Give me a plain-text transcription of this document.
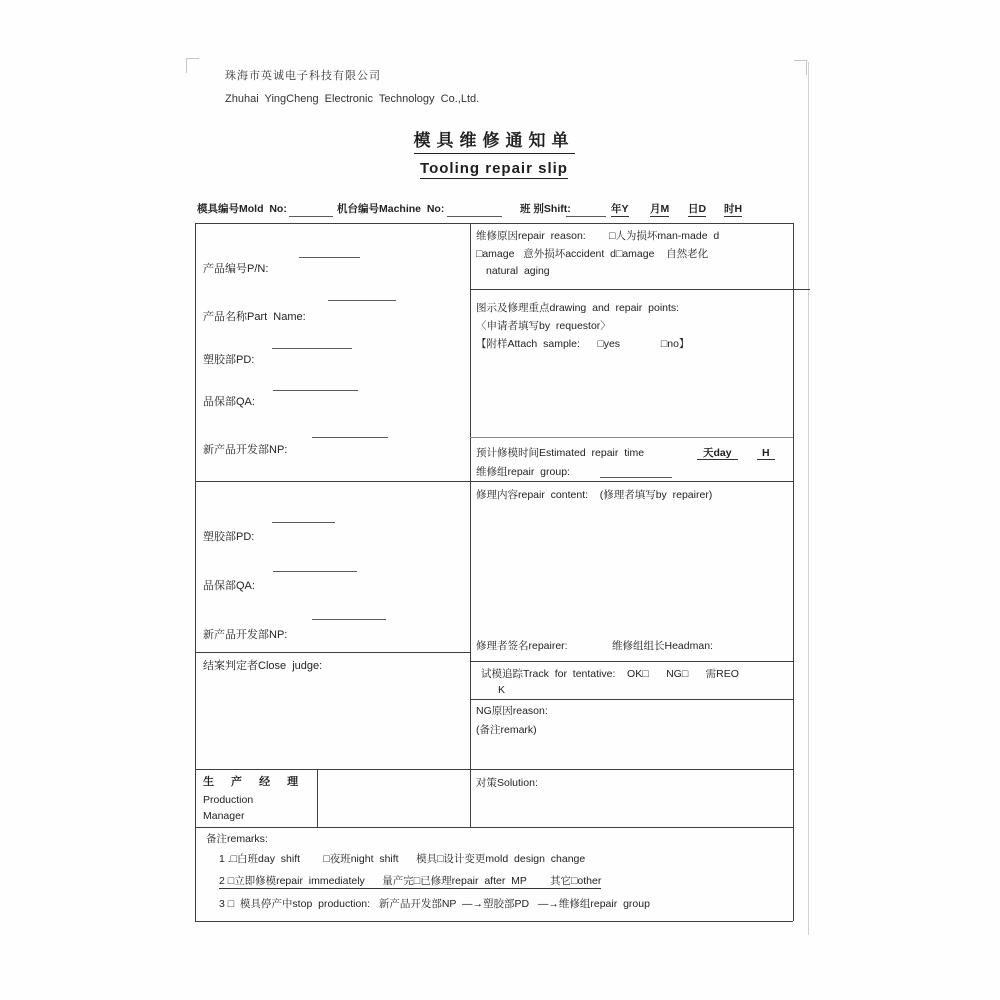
珠海市英诚电子科技有限公司
Zhuhai  YingCheng  Electronic  Technology  Co.,Ltd.
模具维修通知单
Tooling repair slip
模具编号Mold  No:	机台编号Machine  No:	班 别Shift:	年Y 月M 日D 时H
产品编号P/N:
产品名称Part  Name:
塑胶部PD:
品保部QA:
新产品开发部NP:
塑胶部PD:
品保部QA:
新产品开发部NP:
结案判定者Close  judge:
生 产 经 理
Production
Manager
维修原因repair  reason:        □人为损坏man-made  d
□amage   意外损坏accident  d□amage    自然老化
natural  aging
图示及修理重点drawing  and  repair  points:
〈申请者填写by  requestor〉
【附样Attach  sample:      □yes              □no】
预计修模时间Estimated  repair  time	天day	H
维修组repair  group:
修理内容repair  content:    (修理者填写by  repairer)
修理者签名repairer:	维修组组长Headman:
试模追踪Track  for  tentative:    OK□      NG□      需REO
K
NG原因reason:
(备注remark)
对策Solution:
备注remarks:
1 .□白班day  shift        □夜班night  shift      模具□设计变更mold  design  change
2 □立即修模repair  immediately      量产完□已修理repair  after  MP        其它□other
3 □  模具停产中stop  production:   新产品开发部NP  —→塑胶部PD   —→维修组repair  group
